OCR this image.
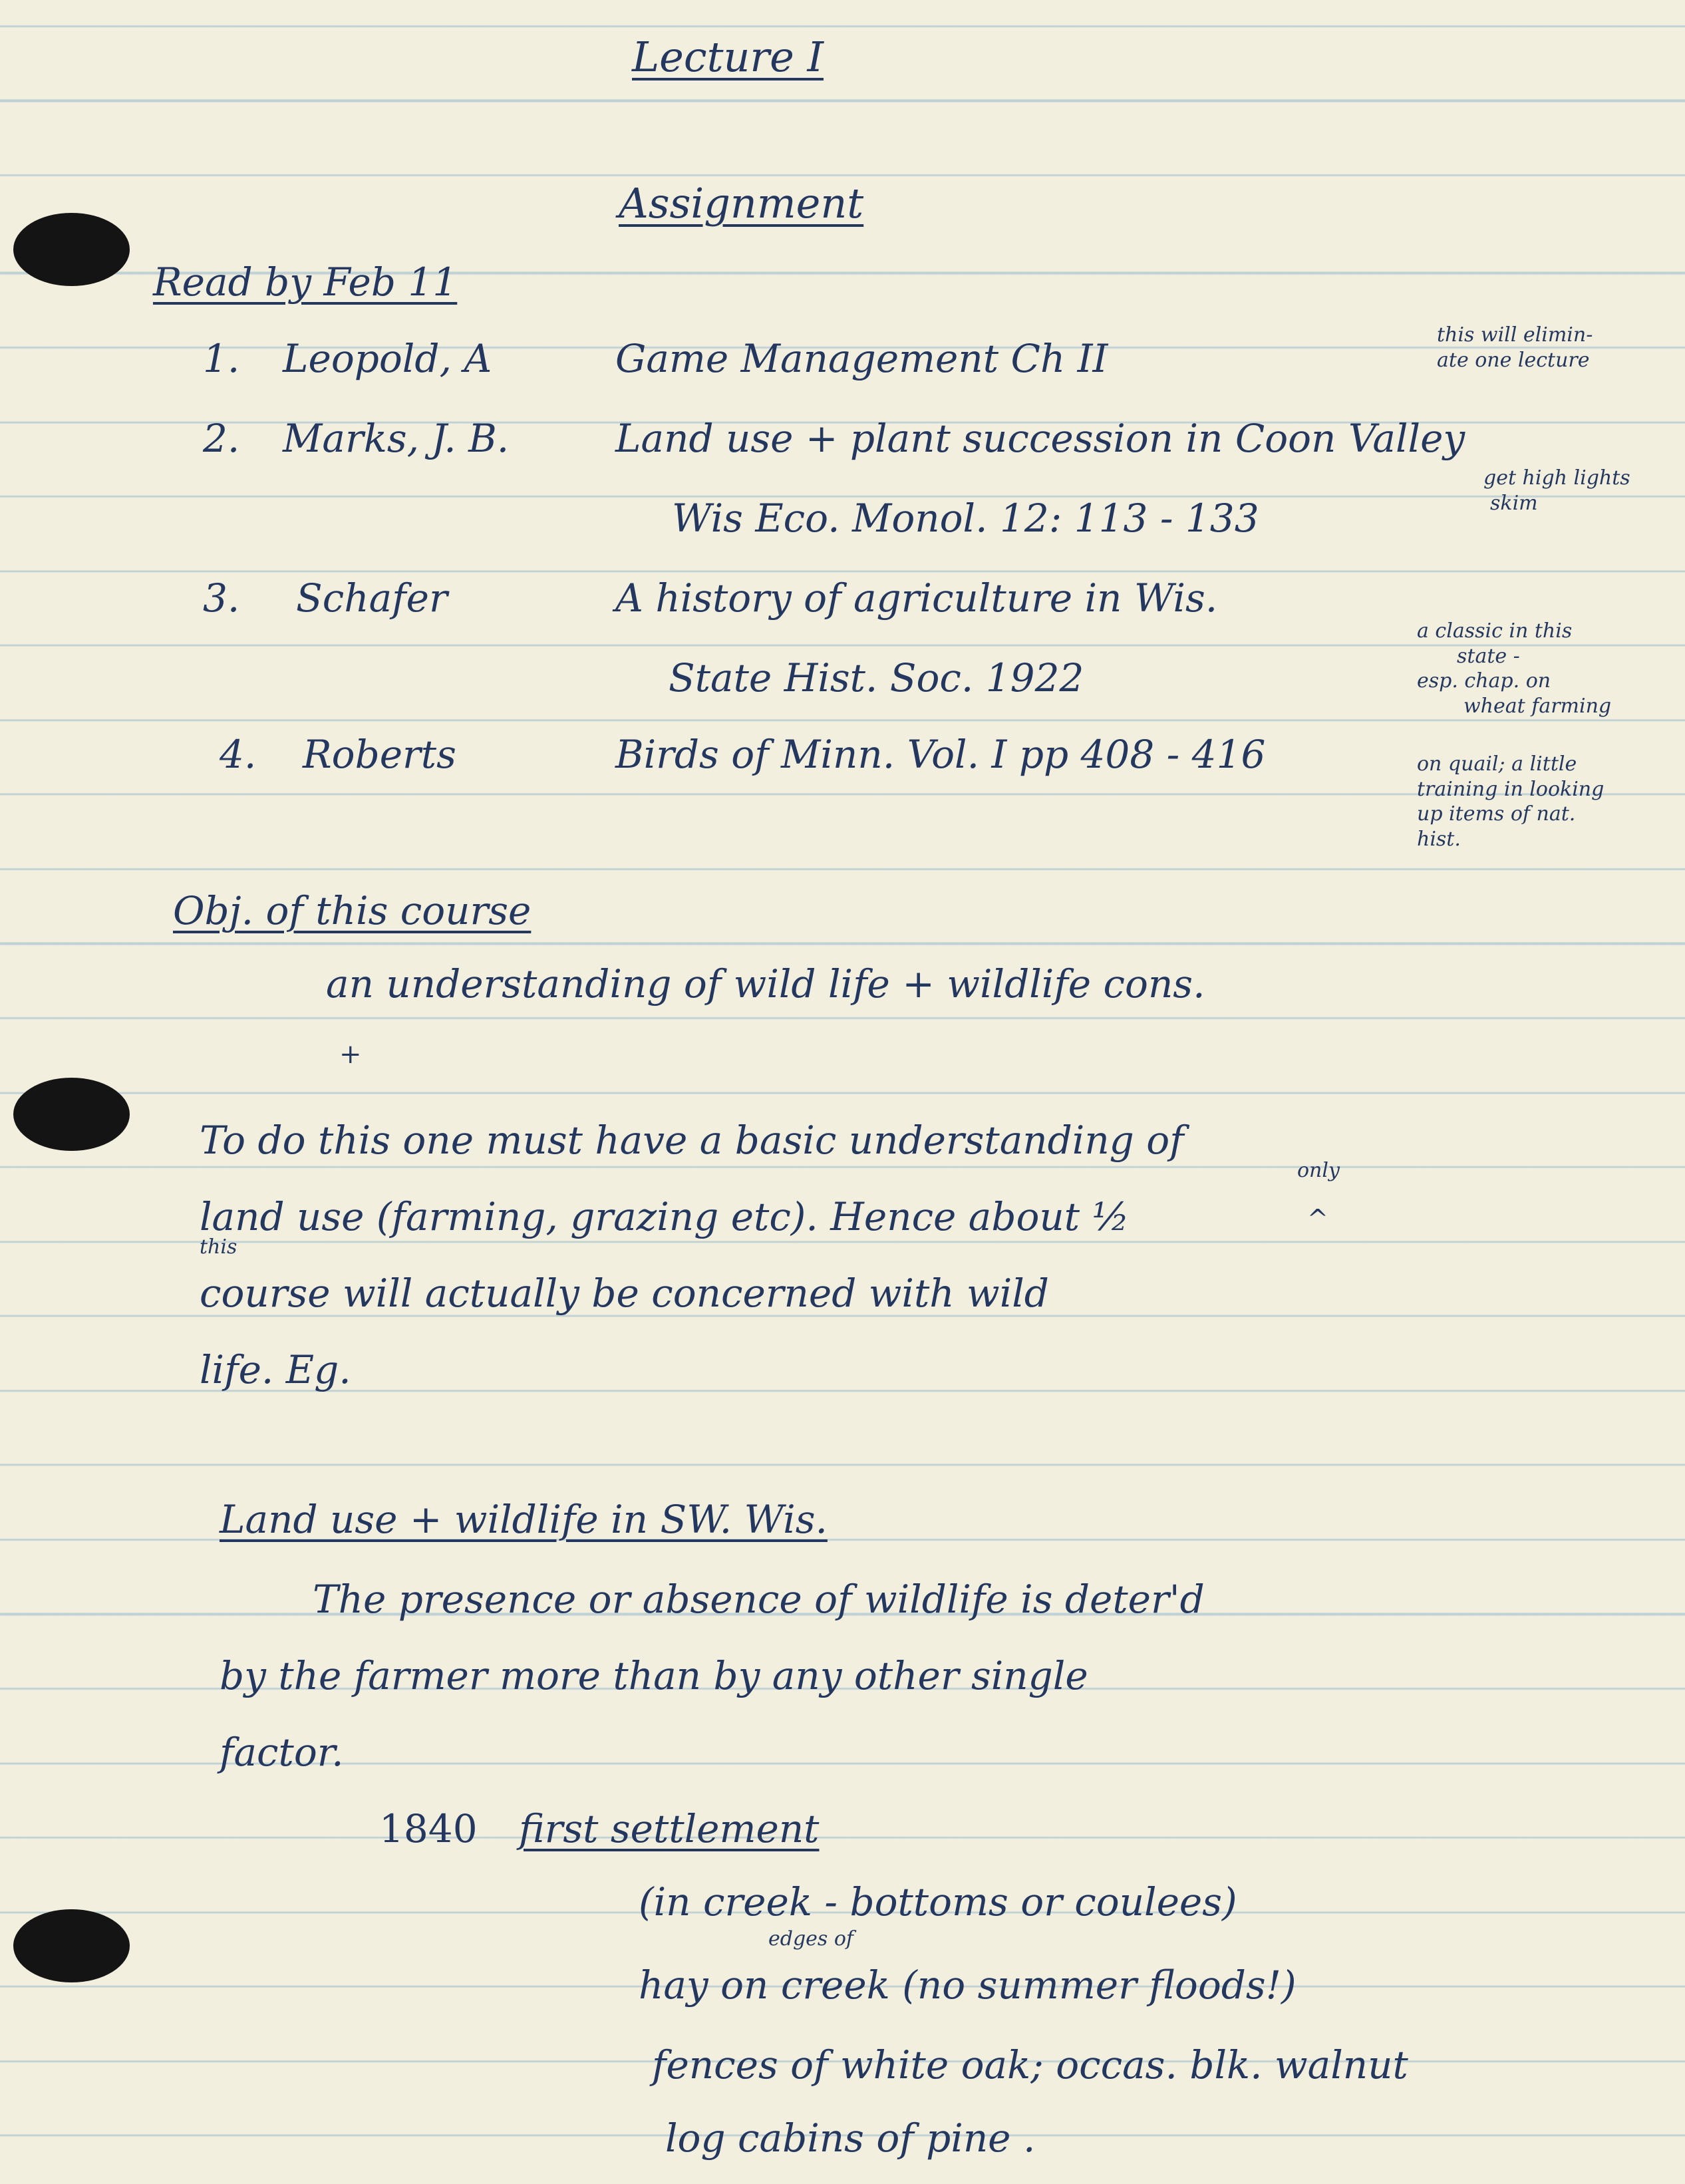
Lecture I
Assignment
Read by Feb 11
1. Leopold, A	Game Management Ch II
2. Marks, J. B.	Land use + plant succession in Coon Valley
Wis Eco. Monol. 12: 113 - 133
3. Schafer	A history of agriculture in Wis.
State Hist. Soc. 1922
4. Roberts	Birds of Minn. Vol. I pp 408 - 416
this will elimin-
ate one lecture
get high lights
skim
a classic in this
state -
esp. chap. on
wheat farming
on quail; a little
training in looking
up items of nat.
hist.
Obj. of this course
an understanding of wild life + wildlife cons.
+
To do this one must have a basic understanding of
only
^
land use (farming, grazing etc). Hence about ½
this
course will actually be concerned with wild
life. Eg.
Land use + wildlife in SW. Wis.
The presence or absence of wildlife is deter'd
by the farmer more than by any other single
factor.
1840 first settlement
(in creek - bottoms or coulees)
edges of
hay on creek (no summer floods!)
fences of white oak; occas. blk. walnut
log cabins of pine .
